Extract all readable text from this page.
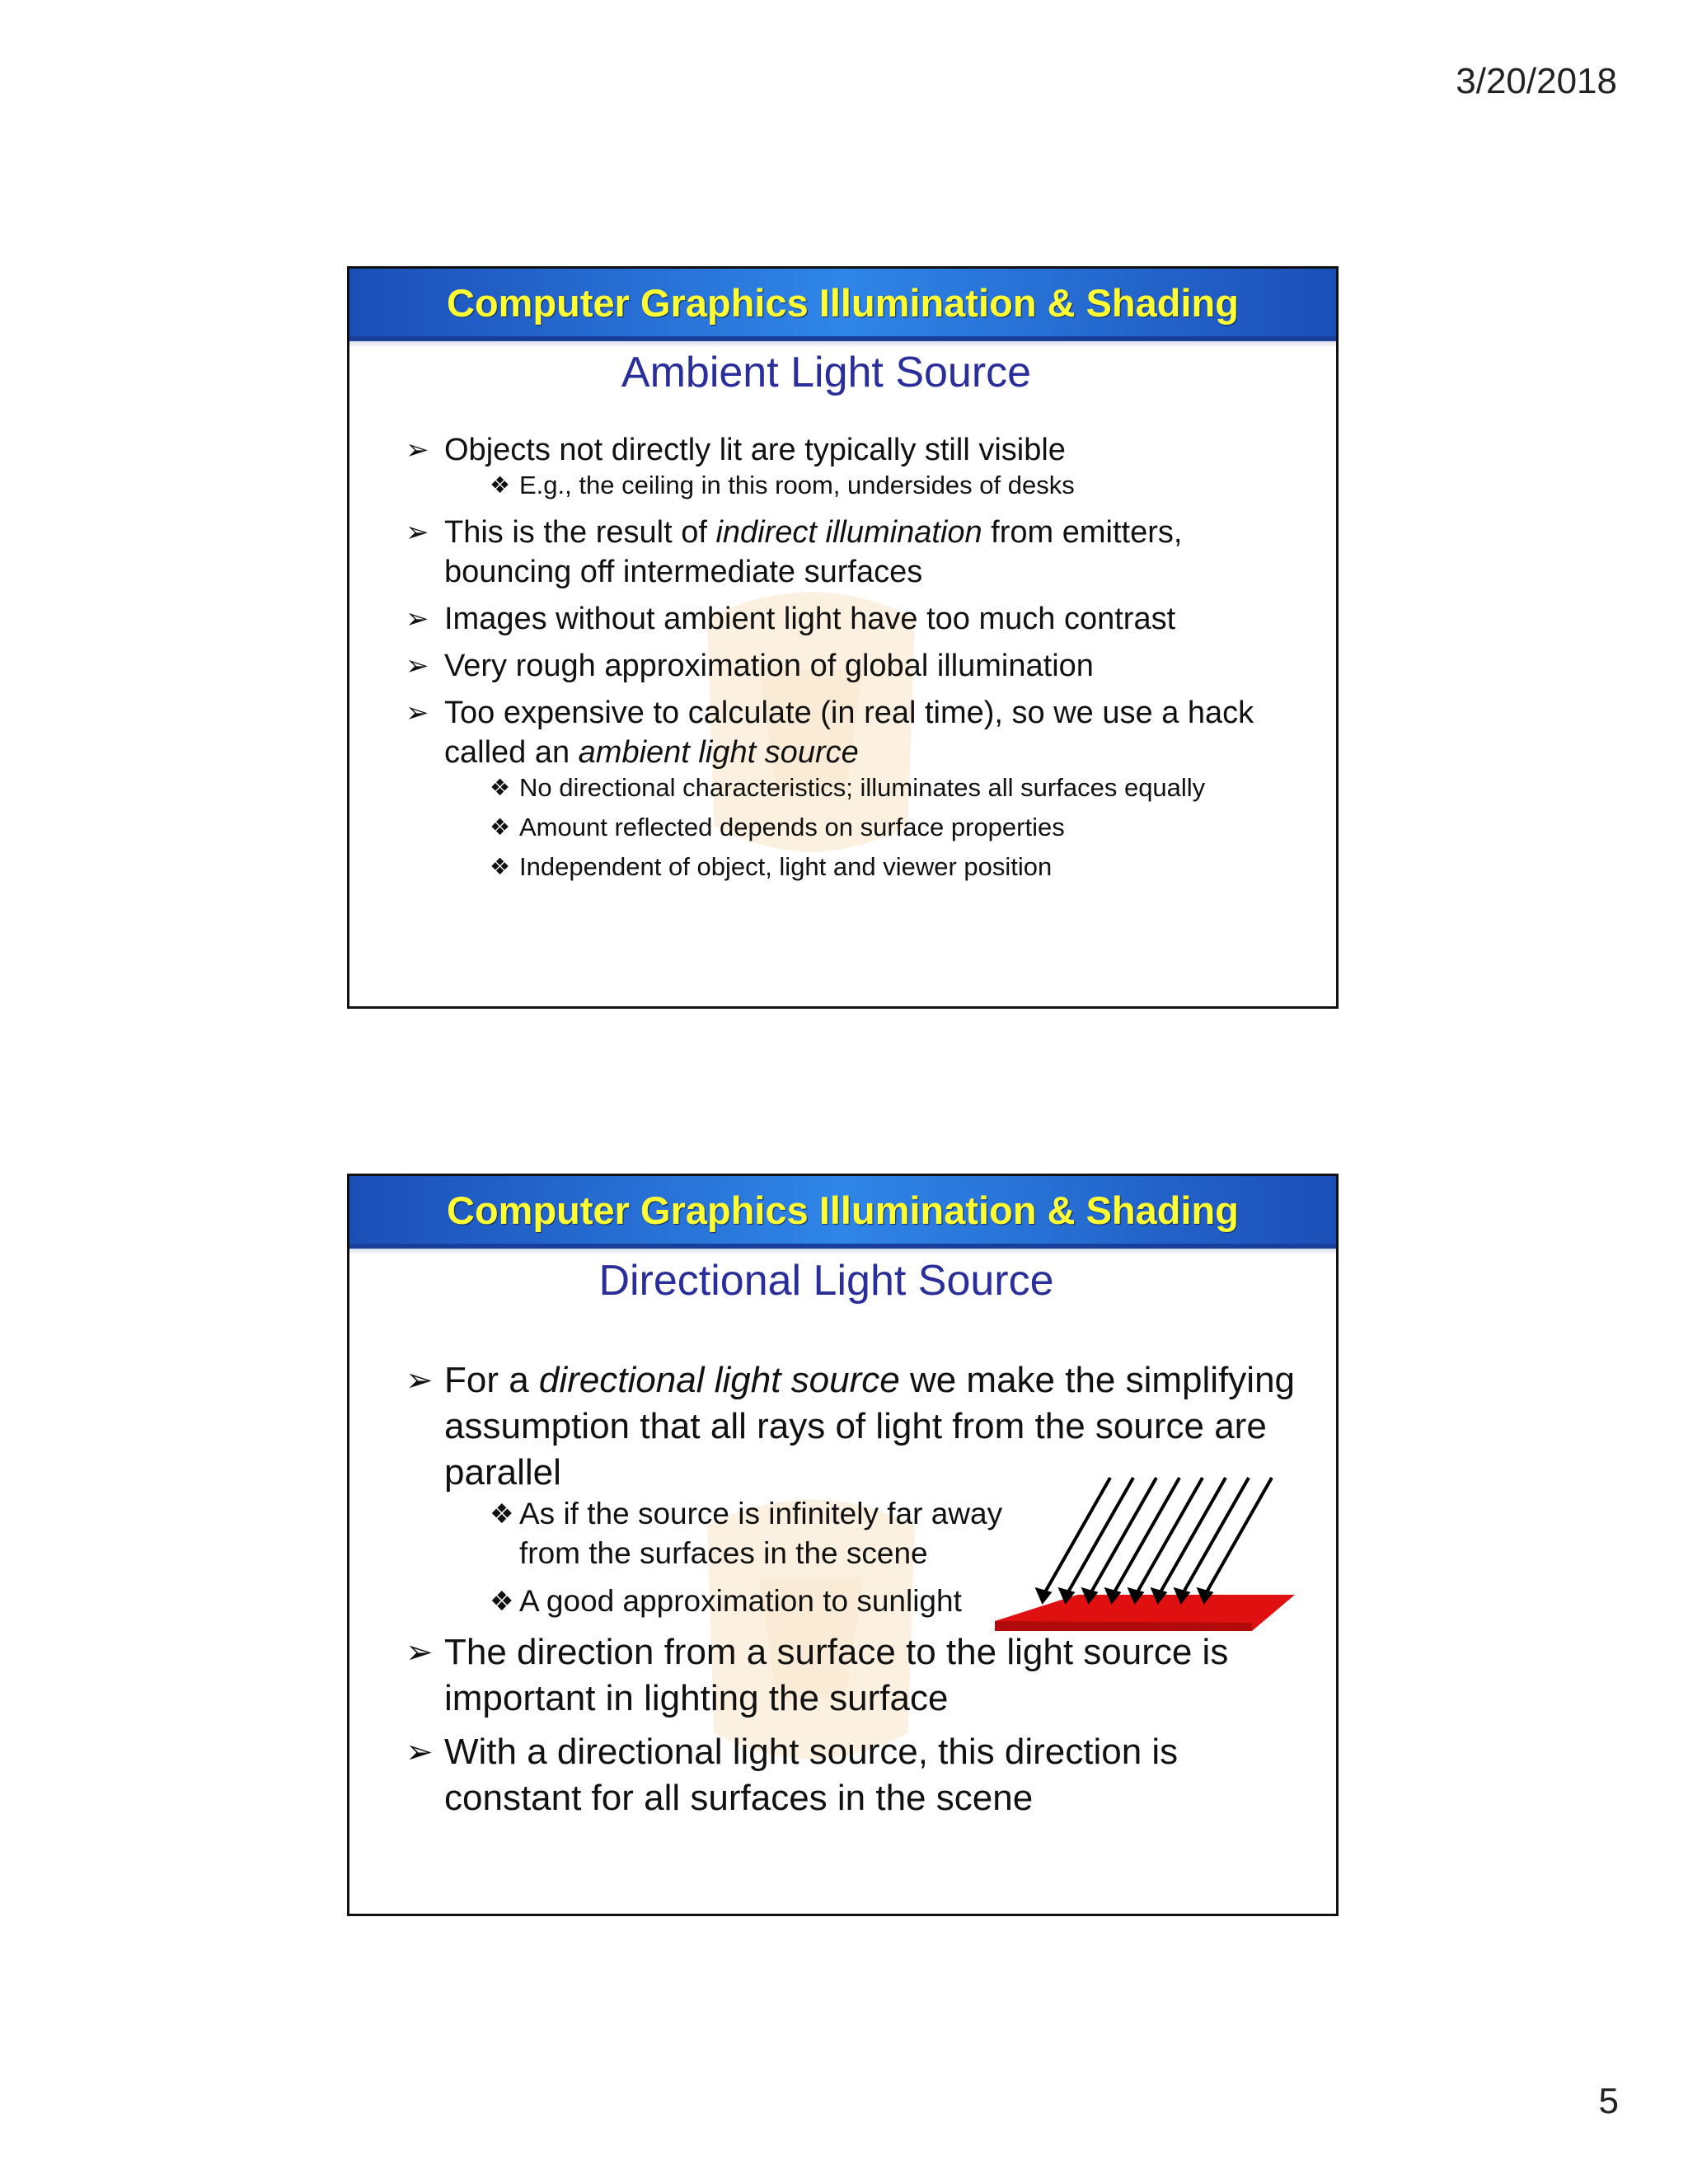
3/20/2018
Computer Graphics Illumination & Shading
Ambient Light Source
➢ Objects not directly lit are typically still visible
❖ E.g., the ceiling in this room, undersides of desks
➢ This is the result of indirect illumination from emitters, bouncing off intermediate surfaces
➢ Images without ambient light have too much contrast
➢ Very rough approximation of global illumination
➢ Too expensive to calculate (in real time), so we use a hack called an ambient light source
❖ No directional characteristics; illuminates all surfaces equally
❖ Amount reflected depends on surface properties
❖ Independent of object, light and viewer position
Computer Graphics Illumination & Shading
Directional Light Source
➢ For a directional light source we make the simplifying assumption that all rays of light from the source are parallel
❖ As if the source is infinitely far away from the surfaces in the scene
❖ A good approximation to sunlight
➢ The direction from a surface to the light source is important in lighting the surface
➢ With a directional light source, this direction is constant for all surfaces in the scene
5
